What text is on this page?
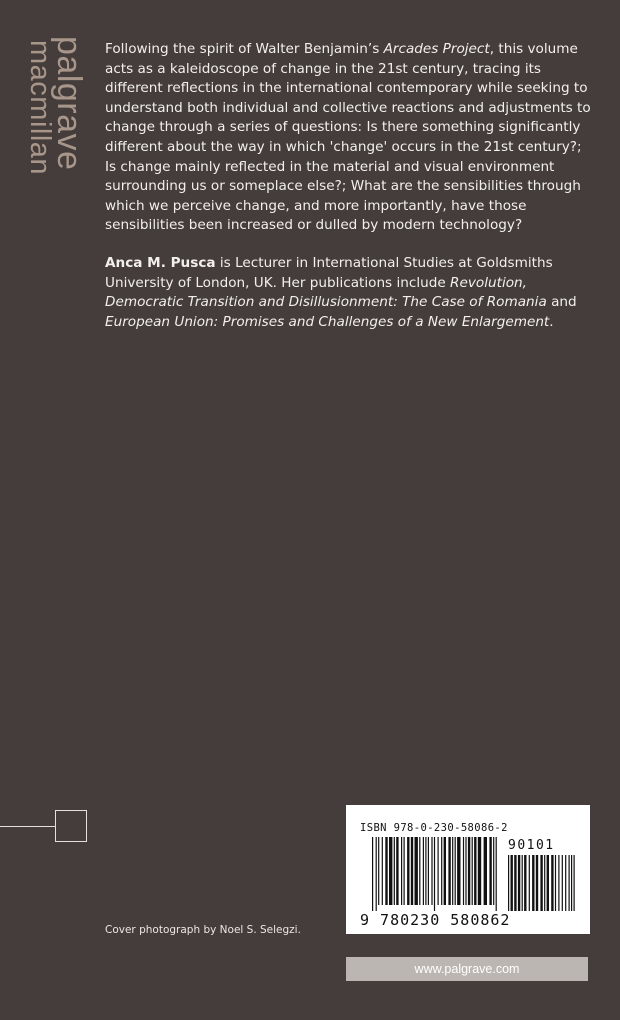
palgrave
macmillan	Following the spirit of Walter Benjamin’s Arcades Project, this volume acts as a kaleidoscope of change in the 21st century, tracing its different reflections in the international contemporary while seeking to understand both individual and collective reactions and adjustments to change through a series of questions: Is there something significantly different about the way in which 'change' occurs in the 21st century?; Is change mainly reflected in the material and visual environment surrounding us or someplace else?; What are the sensibilities through which we perceive change, and more importantly, have those sensibilities been increased or dulled by modern technology?

Anca M. Pusca is Lecturer in International Studies at Goldsmiths University of London, UK. Her publications include Revolution, Democratic Transition and Disillusionment: The Case of Romania and European Union: Promises and Challenges of a New Enlargement.

Cover photograph by Noel S. Selegzi.
ISBN 978-0-230-58086-2
90101
9 780230 580862
www.palgrave.com
